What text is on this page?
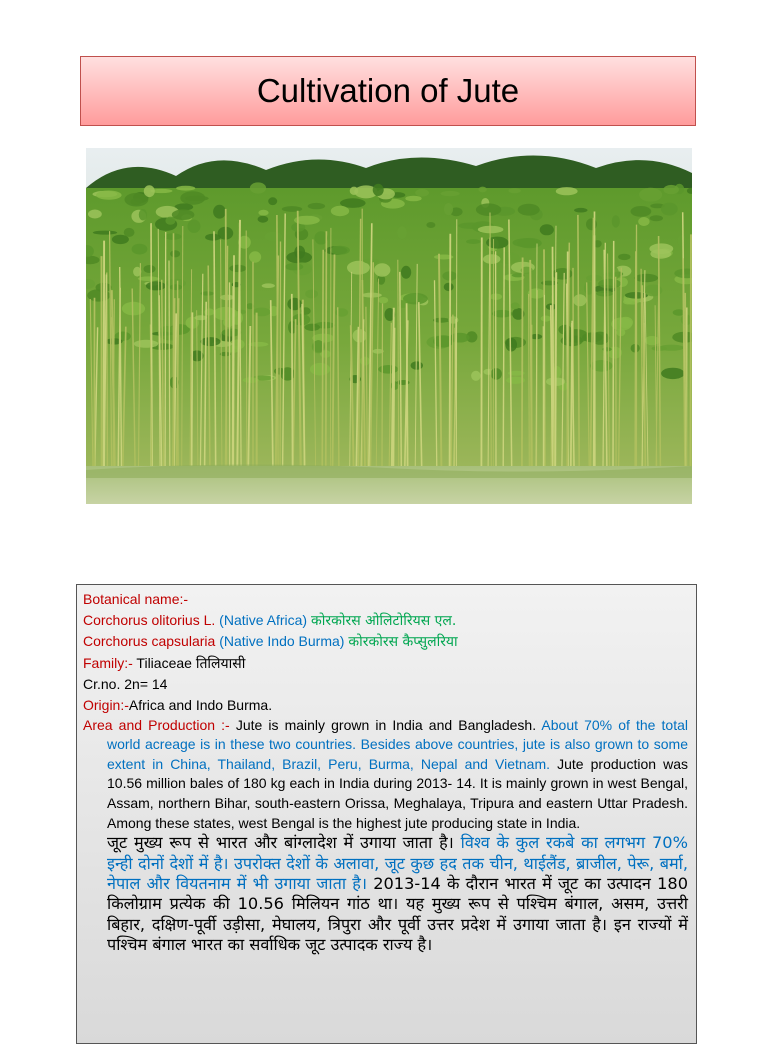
Cultivation of Jute

Botanical name:-

Corchorus olitorius L. (Native Africa) कोरकोरस ओलिटोरियस एल.

Corchorus capsularia (Native Indo Burma) कोरकोरस कैप्सुलरिया

Family:- Tiliaceae तिलियासी

Cr.no. 2n= 14

Origin:-Africa and Indo Burma.

Area and Production :- Jute is mainly grown in India and Bangladesh. About 70% of the total world acreage is in these two countries. Besides above countries, jute is also grown to some extent in China, Thailand, Brazil, Peru, Burma, Nepal and Vietnam. Jute production was 10.56 million bales of 180 kg each in India during 2013- 14. It is mainly grown in west Bengal, Assam, northern Bihar, south-eastern Orissa, Meghalaya, Tripura and eastern Uttar Pradesh. Among these states, west Bengal is the highest jute producing state in India.

जूट मुख्य रूप से भारत और बांग्लादेश में उगाया जाता है। विश्व के कुल रकबे का लगभग 70% इन्ही दोनों देशों में है। उपरोक्त देशों के अलावा, जूट कुछ हद तक चीन, थाईलैंड, ब्राजील, पेरू, बर्मा, नेपाल और वियतनाम में भी उगाया जाता है। 2013-14 के दौरान भारत में जूट का उत्पादन 180 किलोग्राम प्रत्येक की 10.56 मिलियन गांठ था। यह मुख्य रूप से पश्चिम बंगाल, असम, उत्तरी बिहार, दक्षिण-पूर्वी उड़ीसा, मेघालय, त्रिपुरा और पूर्वी उत्तर प्रदेश में उगाया जाता है। इन राज्यों में पश्चिम बंगाल भारत का सर्वाधिक जूट उत्पादक राज्य है।
